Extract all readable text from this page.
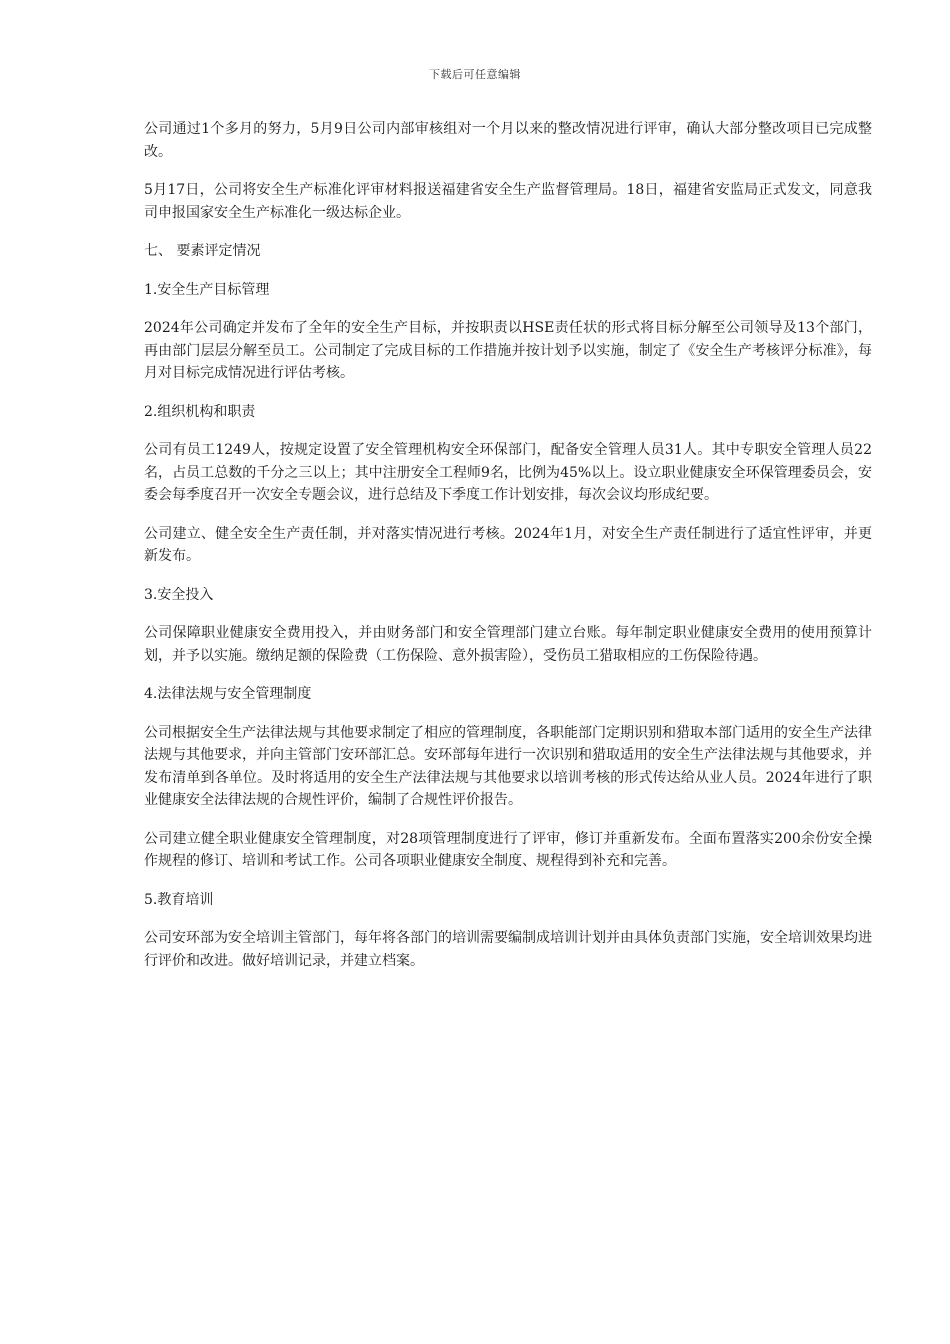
下载后可任意编辑

公司通过1个多月的努力，5月9日公司内部审核组对一个月以来的整改情况进行评审，确认大部分整改项目已完成整改。

5月17日，公司将安全生产标准化评审材料报送福建省安全生产监督管理局。18日，福建省安监局正式发文，同意我司申报国家安全生产标准化一级达标企业。

七、 要素评定情况

1.安全生产目标管理

2024年公司确定并发布了全年的安全生产目标，并按职责以HSE责任状的形式将目标分解至公司领导及13个部门，再由部门层层分解至员工。公司制定了完成目标的工作措施并按计划予以实施，制定了《安全生产考核评分标准》，每月对目标完成情况进行评估考核。

2.组织机构和职责

公司有员工1249人，按规定设置了安全管理机构安全环保部门，配备安全管理人员31人。其中专职安全管理人员22名，占员工总数的千分之三以上；其中注册安全工程师9名，比例为45%以上。设立职业健康安全环保管理委员会，安委会每季度召开一次安全专题会议，进行总结及下季度工作计划安排，每次会议均形成纪要。

公司建立、健全安全生产责任制，并对落实情况进行考核。2024年1月，对安全生产责任制进行了适宜性评审，并更新发布。

3.安全投入

公司保障职业健康安全费用投入，并由财务部门和安全管理部门建立台账。每年制定职业健康安全费用的使用预算计划，并予以实施。缴纳足额的保险费（工伤保险、意外损害险），受伤员工猎取相应的工伤保险待遇。

4.法律法规与安全管理制度

公司根据安全生产法律法规与其他要求制定了相应的管理制度，各职能部门定期识别和猎取本部门适用的安全生产法律法规与其他要求，并向主管部门安环部汇总。安环部每年进行一次识别和猎取适用的安全生产法律法规与其他要求，并发布清单到各单位。及时将适用的安全生产法律法规与其他要求以培训考核的形式传达给从业人员。2024年进行了职业健康安全法律法规的合规性评价，编制了合规性评价报告。

公司建立健全职业健康安全管理制度，对28项管理制度进行了评审，修订并重新发布。全面布置落实200余份安全操作规程的修订、培训和考试工作。公司各项职业健康安全制度、规程得到补充和完善。

5.教育培训

公司安环部为安全培训主管部门，每年将各部门的培训需要编制成培训计划并由具体负责部门实施，安全培训效果均进行评价和改进。做好培训记录，并建立档案。
